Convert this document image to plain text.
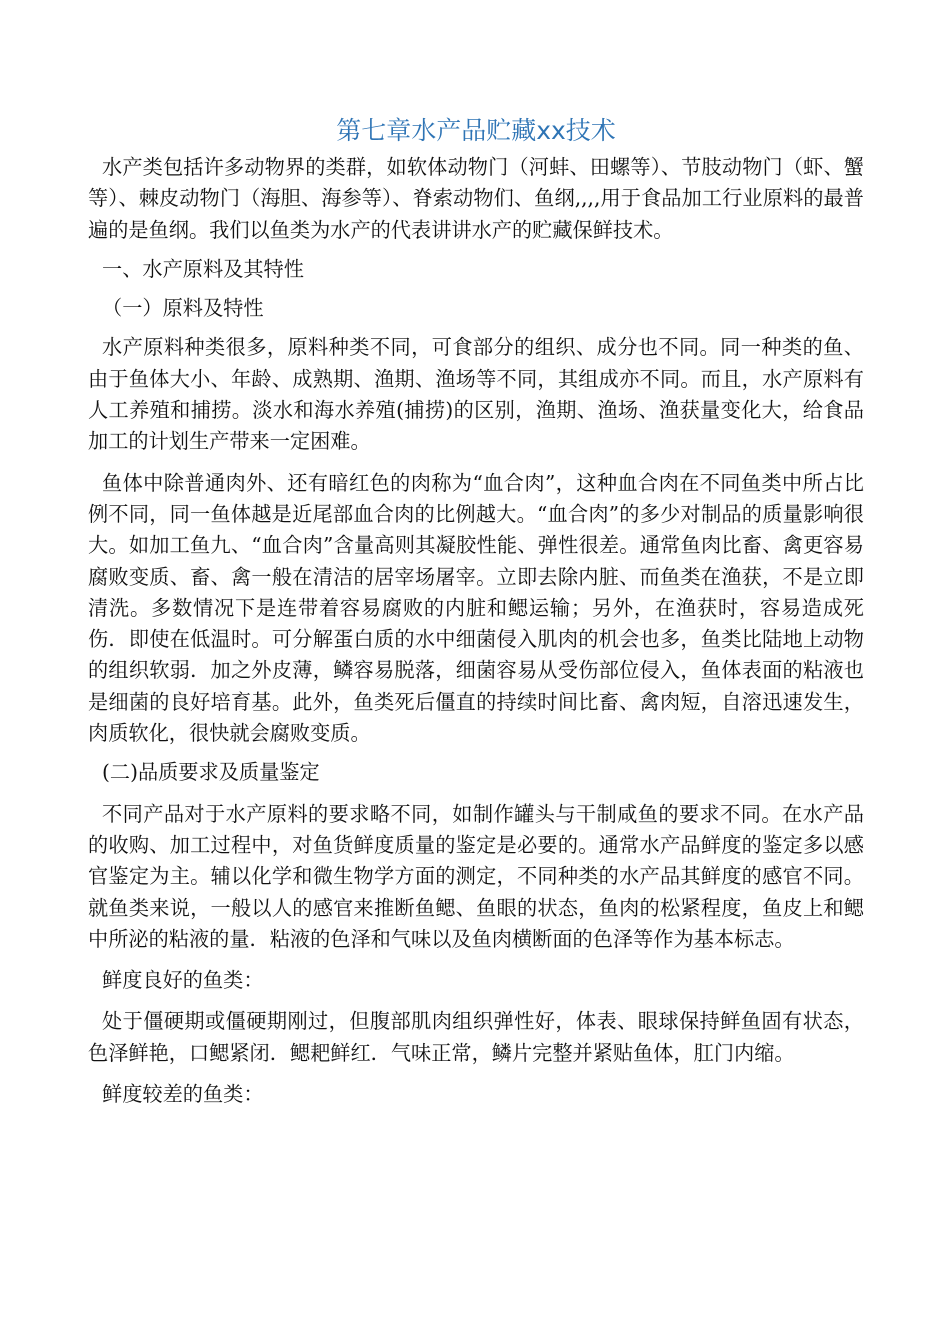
第七章水产品贮藏xx技术

水产类包括许多动物界的类群，如软体动物门（河蚌、田螺等）、节肢动物门（虾、蟹等）、棘皮动物门（海胆、海参等）、脊索动物们、鱼纲,,,,用于食品加工行业原料的最普遍的是鱼纲。我们以鱼类为水产的代表讲讲水产的贮藏保鲜技术。

一、水产原料及其特性

（一）原料及特性

水产原料种类很多，原料种类不同，可食部分的组织、成分也不同。同一种类的鱼、由于鱼体大小、年龄、成熟期、渔期、渔场等不同，其组成亦不同。而且，水产原料有人工养殖和捕捞。淡水和海水养殖(捕捞)的区别，渔期、渔场、渔获量变化大，给食品加工的计划生产带来一定困难。

鱼体中除普通肉外、还有暗红色的肉称为“血合肉”，这种血合肉在不同鱼类中所占比例不同，同一鱼体越是近尾部血合肉的比例越大。“血合肉”的多少对制品的质量影响很大。如加工鱼九、“血合肉”含量高则其凝胶性能、弹性很差。通常鱼肉比畜、禽更容易腐败变质、畜、禽一般在清洁的居宰场屠宰。立即去除内脏、而鱼类在渔获，不是立即清洗。多数情况下是连带着容易腐败的内脏和鳃运输；另外，在渔获时，容易造成死伤．即使在低温时。可分解蛋白质的水中细菌侵入肌肉的机会也多，鱼类比陆地上动物的组织软弱．加之外皮薄，鳞容易脱落，细菌容易从受伤部位侵入，鱼体表面的粘液也是细菌的良好培育基。此外，鱼类死后僵直的持续时间比畜、禽肉短，自溶迅速发生，肉质软化，很快就会腐败变质。

(二)品质要求及质量鉴定

不同产品对于水产原料的要求略不同，如制作罐头与干制咸鱼的要求不同。在水产品的收购、加工过程中，对鱼货鲜度质量的鉴定是必要的。通常水产品鲜度的鉴定多以感官鉴定为主。辅以化学和微生物学方面的测定，不同种类的水产品其鲜度的感官不同。就鱼类来说，一般以人的感官来推断鱼鳃、鱼眼的状态，鱼肉的松紧程度，鱼皮上和鳃中所泌的粘液的量．粘液的色泽和气味以及鱼肉横断面的色泽等作为基本标志。

鲜度良好的鱼类：

处于僵硬期或僵硬期刚过，但腹部肌肉组织弹性好，体表、眼球保持鲜鱼固有状态，色泽鲜艳，口鳃紧闭．鳃耙鲜红．气味正常，鳞片完整并紧贴鱼体，肛门内缩。

鲜度较差的鱼类：
